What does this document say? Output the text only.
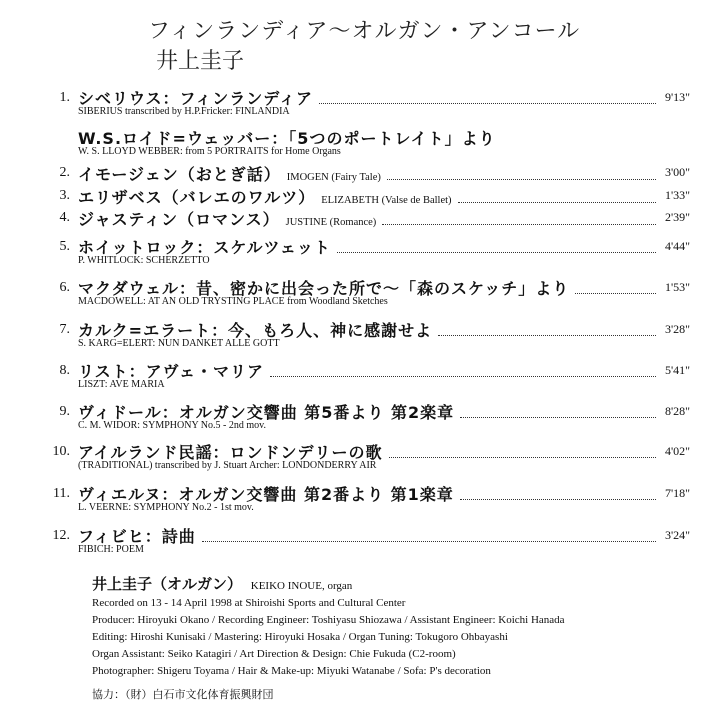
フィンランディア〜オルガン・アンコール
井上圭子
1. シベリウス：フィンランディア	9'13"
SIBERIUS transcribed by H.P.Fricker: FINLANDIA
W.S.ロイド=ウェッバー：「5つのポートレイト」より
W. S. LLOYD WEBBER: from 5 PORTRAITS for Home Organs
2. イモージェン（おとぎ話） IMOGEN (Fairy Tale)	3'00"
3. エリザベス（バレエのワルツ） ELIZABETH (Valse de Ballet)	1'33"
4. ジャスティン（ロマンス） JUSTINE (Romance)	2'39"
5. ホイットロック：スケルツェット	4'44"
P. WHITLOCK: SCHERZETTO
6. マクダウェル：昔、密かに出会った所で〜「森のスケッチ」より	1'53"
MACDOWELL: AT AN OLD TRYSTING PLACE from Woodland Sketches
7. カルク=エラート：今、もろ人、神に感謝せよ	3'28"
S. KARG=ELERT: NUN DANKET ALLE GOTT
8. リスト：アヴェ・マリア	5'41"
LISZT: AVE MARIA
9. ヴィドール：オルガン交響曲 第5番より 第2楽章	8'28"
C. M. WIDOR: SYMPHONY No.5 - 2nd mov.
10. アイルランド民謡：ロンドンデリーの歌	4'02"
(TRADITIONAL) transcribed by J. Stuart Archer: LONDONDERRY AIR
11. ヴィエルヌ：オルガン交響曲 第2番より 第1楽章	7'18"
L. VEERNE: SYMPHONY No.2 - 1st mov.
12. フィビヒ：詩曲	3'24"
FIBICH: POEM
井上圭子（オルガン） KEIKO INOUE, organ
Recorded on 13 - 14 April 1998 at Shiroishi Sports and Cultural Center
Producer: Hiroyuki Okano / Recording Engineer: Toshiyasu Shiozawa / Assistant Engineer: Koichi Hanada
Editing: Hiroshi Kunisaki / Mastering: Hiroyuki Hosaka / Organ Tuning: Tokugoro Ohbayashi
Organ Assistant: Seiko Katagiri / Art Direction & Design: Chie Fukuda (C2-room)
Photographer: Shigeru Toyama / Hair & Make-up: Miyuki Watanabe / Sofa: P's decoration
協力：（財）白石市文化体育振興財団
